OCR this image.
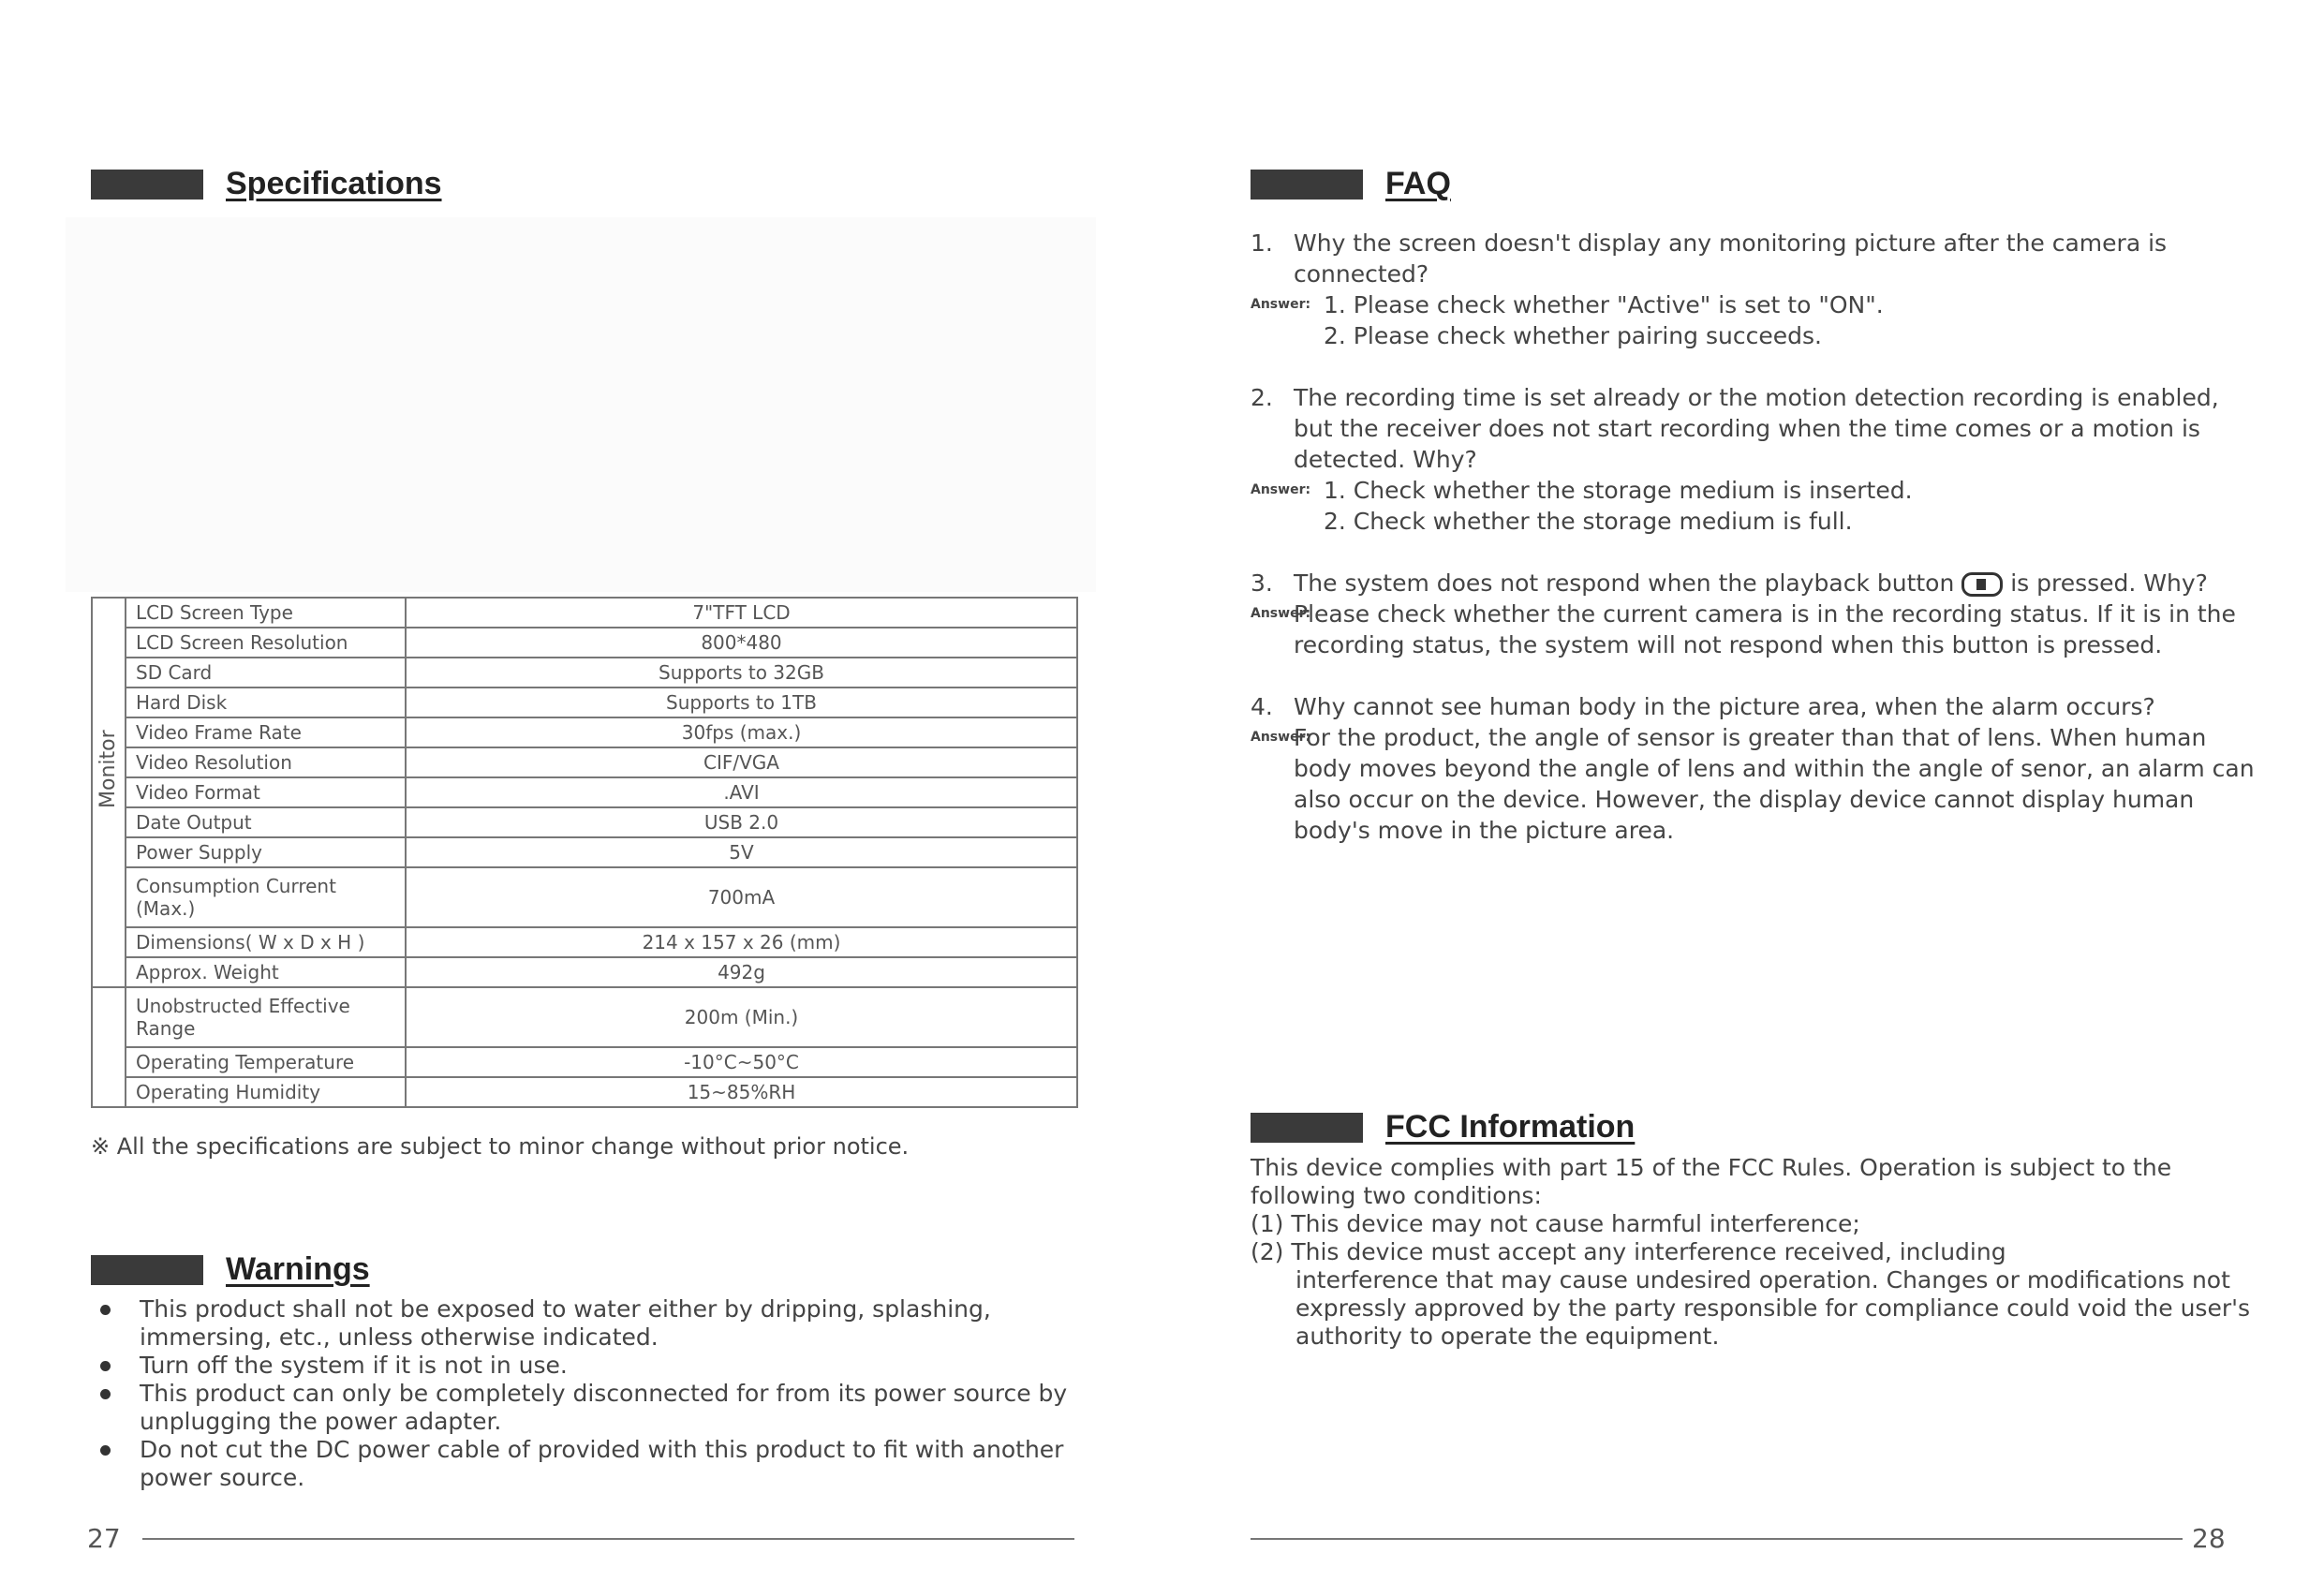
Specifications
Monitor	LCD Screen Type	7"TFT LCD
	LCD Screen Resolution	800*480
	SD Card	Supports to 32GB
	Hard Disk	Supports to 1TB
	Video Frame Rate	30fps (max.)
	Video Resolution	CIF/VGA
	Video Format	.AVI
	Date Output	USB 2.0
	Power Supply	5V
	Consumption Current (Max.)	700mA
	Dimensions( W x D x H )	214 x 157 x 26 (mm)
	Approx. Weight	492g
	Unobstructed Effective Range	200m (Min.)
	Operating Temperature	-10°C~50°C
	Operating Humidity	15~85%RH
※ All the specifications are subject to minor change without prior notice.
Warnings
This product shall not be exposed to water either by dripping, splashing, immersing, etc., unless otherwise indicated.
Turn off the system if it is not in use.
This product can only be completely disconnected for from its power source by unplugging the power adapter.
Do not cut the DC power cable of provided with this product to fit with another power source.
27
FAQ
1. Why the screen doesn't display any monitoring picture after the camera is connected?
Answer: 1. Please check whether "Active" is set to "ON".
2. Please check whether pairing succeeds.
2. The recording time is set already or the motion detection recording is enabled, but the receiver does not start recording when the time comes or a motion is detected. Why?
Answer: 1. Check whether the storage medium is inserted.
2. Check whether the storage medium is full.
3. The system does not respond when the playback button is pressed. Why?
Answer:
Please check whether the current camera is in the recording status. If it is in the recording status, the system will not respond when this button is pressed.
4. Why cannot see human body in the picture area, when the alarm occurs?
Answer:
For the product, the angle of sensor is greater than that of lens. When human body moves beyond the angle of lens and within the angle of senor, an alarm can also occur on the device. However, the display device cannot display human body's move in the picture area.
FCC Information
This device complies with part 15 of the FCC Rules. Operation is subject to the following two conditions:
(1) This device may not cause harmful interference;
(2) This device must accept any interference received, including
interference that may cause undesired operation. Changes or modifications not expressly approved by the party responsible for compliance could void the user's authority to operate the equipment.
28
